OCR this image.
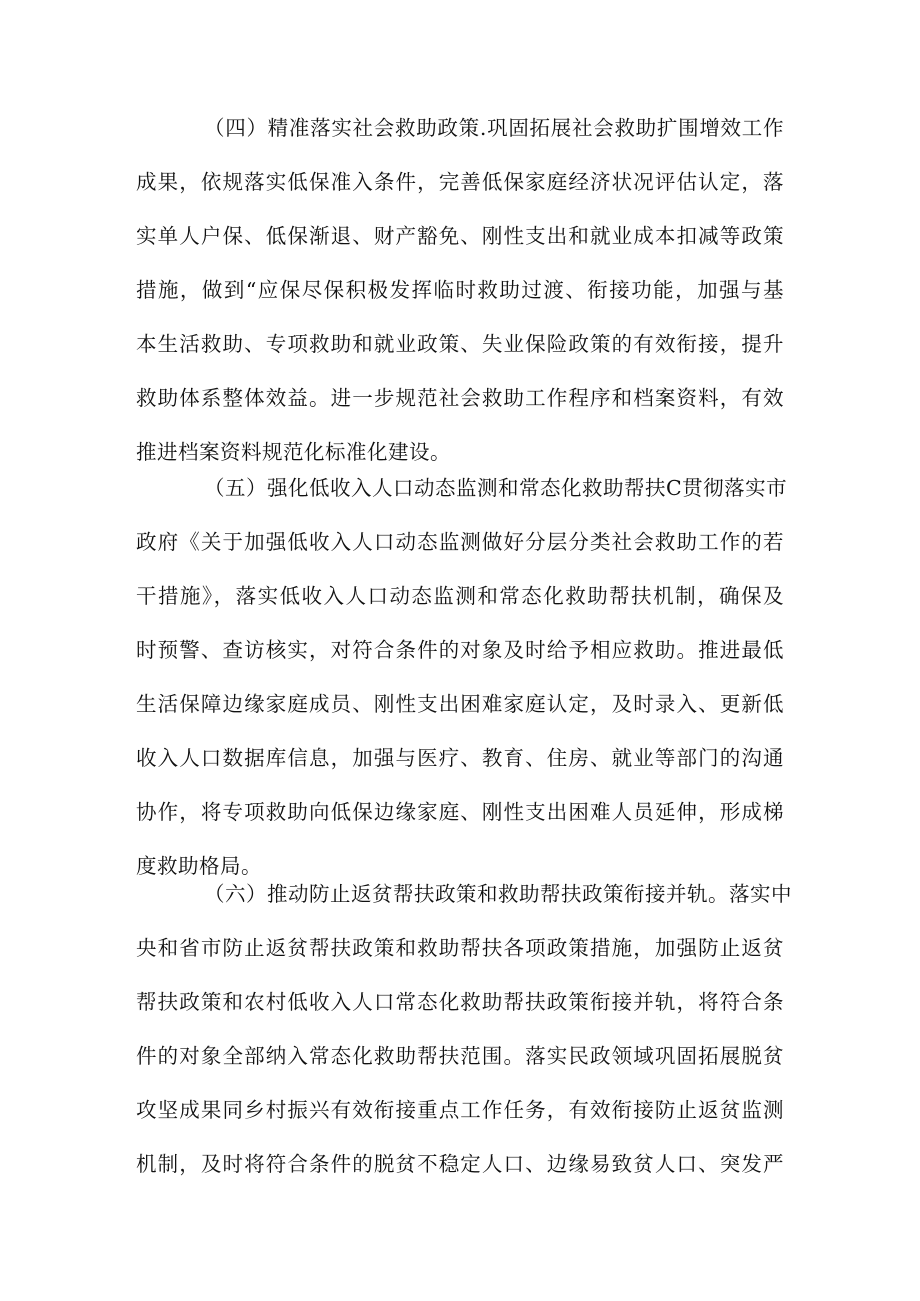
（四）精准落实社会救助政策.巩固拓展社会救助扩围增效工作
成果，依规落实低保准入条件，完善低保家庭经济状况评估认定，落
实单人户保、低保渐退、财产豁免、刚性支出和就业成本扣减等政策
措施，做到“应保尽保积极发挥临时救助过渡、衔接功能，加强与基
本生活救助、专项救助和就业政策、失业保险政策的有效衔接，提升
救助体系整体效益。进一步规范社会救助工作程序和档案资料，有效
推进档案资料规范化标准化建设。
（五）强化低收入人口动态监测和常态化救助帮扶C贯彻落实市
政府《关于加强低收入人口动态监测做好分层分类社会救助工作的若
干措施》，落实低收入人口动态监测和常态化救助帮扶机制，确保及
时预警、查访核实，对符合条件的对象及时给予相应救助。推进最低
生活保障边缘家庭成员、刚性支出困难家庭认定，及时录入、更新低
收入人口数据库信息，加强与医疗、教育、住房、就业等部门的沟通
协作，将专项救助向低保边缘家庭、刚性支出困难人员延伸，形成梯
度救助格局。
（六）推动防止返贫帮扶政策和救助帮扶政策衔接并轨。落实中
央和省市防止返贫帮扶政策和救助帮扶各项政策措施，加强防止返贫
帮扶政策和农村低收入人口常态化救助帮扶政策衔接并轨，将符合条
件的对象全部纳入常态化救助帮扶范围。落实民政领域巩固拓展脱贫
攻坚成果同乡村振兴有效衔接重点工作任务，有效衔接防止返贫监测
机制，及时将符合条件的脱贫不稳定人口、边缘易致贫人口、突发严
